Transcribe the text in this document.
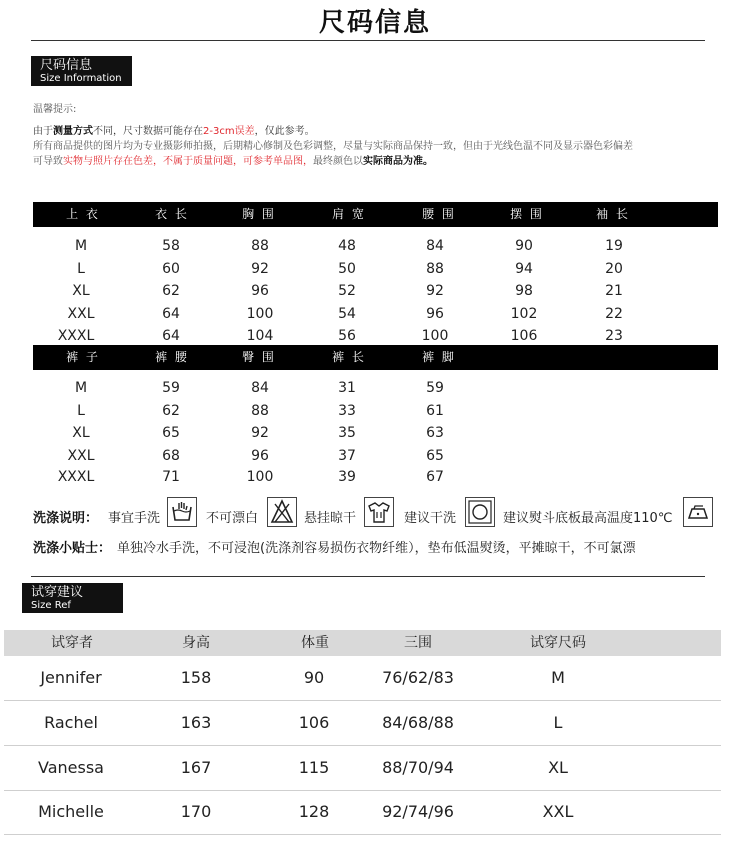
尺码信息
尺码信息
Size Information
温馨提示:
由于测量方式不同，尺寸数据可能存在2-3cm误差，仅此参考。
所有商品提供的图片均为专业摄影师拍摄，后期精心修制及色彩调整，尽量与实际商品保持一致，但由于光线色温不同及显示器色彩偏差
可导致实物与照片存在色差，不属于质量问题，可参考单品图，最终颜色以实际商品为准。
上 衣	衣 长	胸 围	肩 宽	腰 围	摆 围	袖 长
M	58	88	48	84	90	19
L	60	92	50	88	94	20
XL	62	96	52	92	98	21
XXL	64	100	54	96	102	22
XXXL	64	104	56	100	106	23
裤 子	裤 腰	臀 围	裤 长	裤 脚
M	59	84	31	59
L	62	88	33	61
XL	65	92	35	63
XXL	68	96	37	65
XXXL	71	100	39	67
洗涤说明： 事宜手洗	不可漂白	悬挂晾干	建议干洗	建议熨斗底板最高温度110℃
洗涤小贴士： 单独冷水手洗，不可浸泡(洗涤剂容易损伤衣物纤维），垫布低温熨烫，平摊晾干，不可氯漂
试穿建议
Size Ref
试穿者	身高	体重	三围	试穿尺码
Jennifer	158	90	76/62/83	M
Rachel	163	106	84/68/88	L
Vanessa	167	115	88/70/94	XL
Michelle	170	128	92/74/96	XXL
